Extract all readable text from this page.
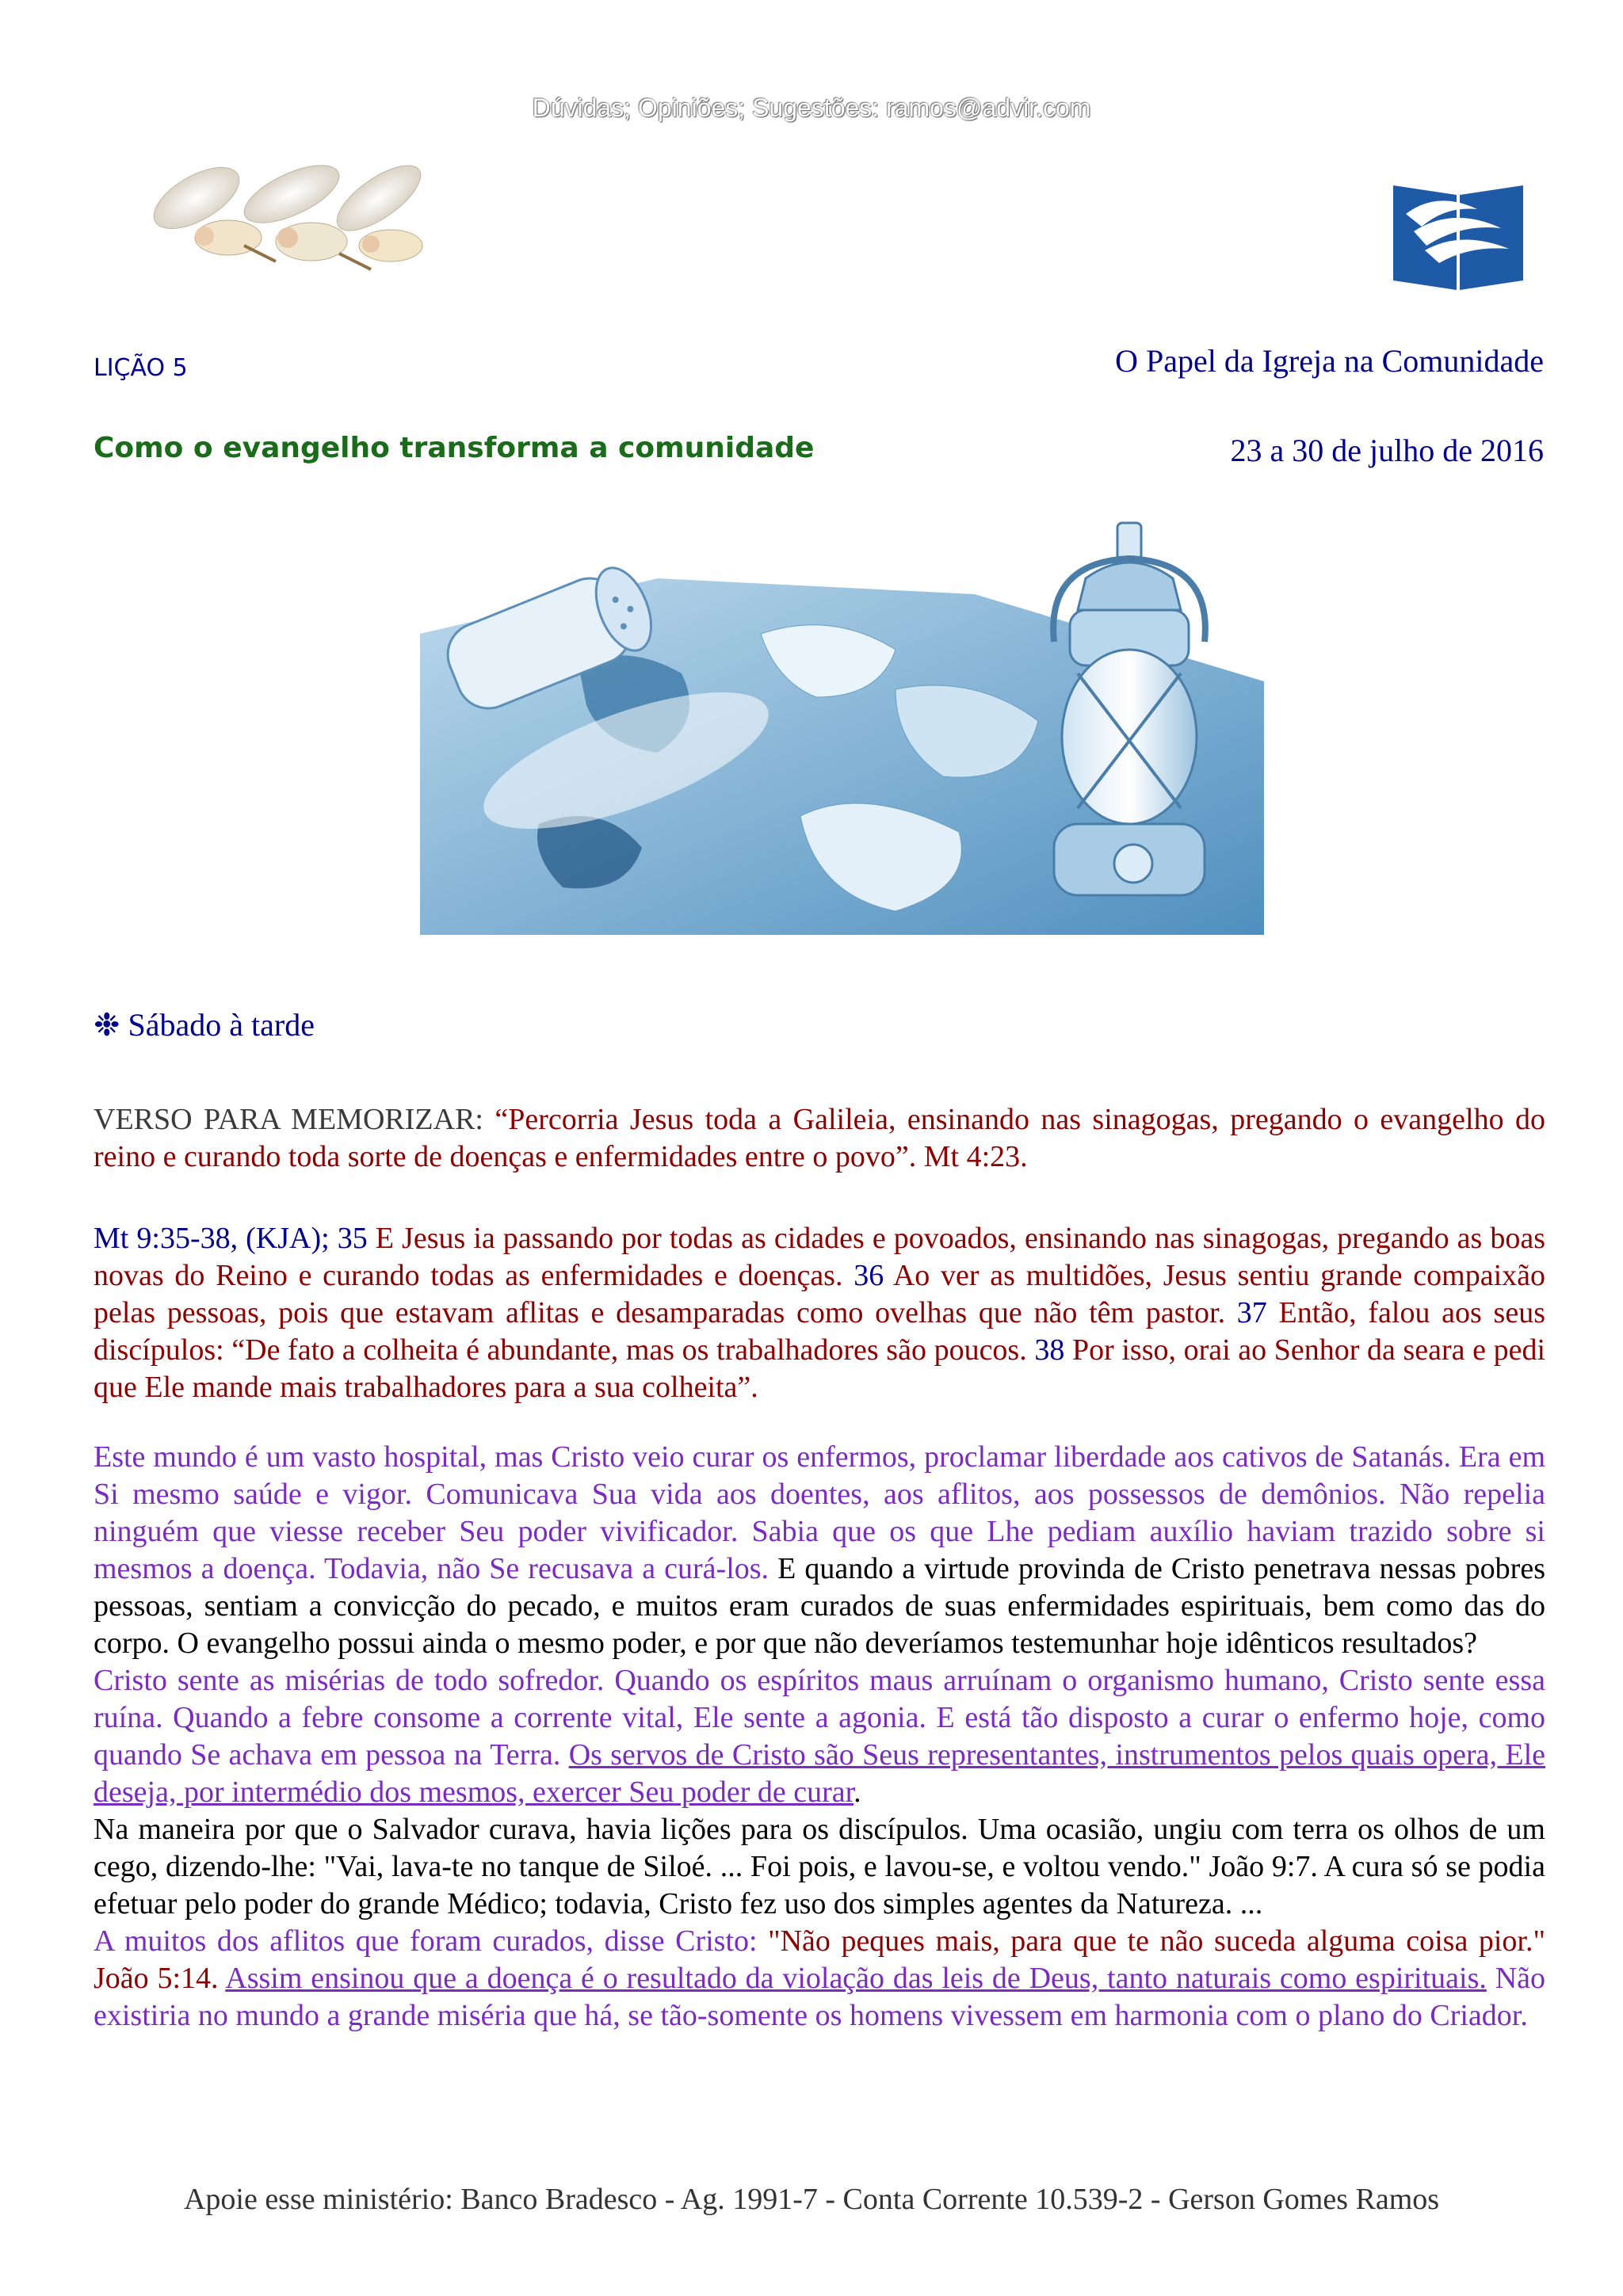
Dúvidas; Opiniões; Sugestões: ramos@advir.com
LIÇÃO 5	O Papel da Igreja na Comunidade
Como o evangelho transforma a comunidade	23 a 30 de julho de 2016
❉ Sábado à tarde

VERSO PARA MEMORIZAR: “Percorria Jesus toda a Galileia, ensinando nas sinagogas, pregando o evangelho do reino e curando toda sorte de doenças e enfermidades entre o povo”. Mt 4:23.

Mt 9:35-38, (KJA); 35 E Jesus ia passando por todas as cidades e povoados, ensinando nas sinagogas, pregando as boas novas do Reino e curando todas as enfermidades e doenças. 36 Ao ver as multidões, Jesus sentiu grande compaixão pelas pessoas, pois que estavam aflitas e desamparadas como ovelhas que não têm pastor. 37 Então, falou aos seus discípulos: “De fato a colheita é abundante, mas os trabalhadores são poucos. 38 Por isso, orai ao Senhor da seara e pedi que Ele mande mais trabalhadores para a sua colheita”.

Este mundo é um vasto hospital, mas Cristo veio curar os enfermos, proclamar liberdade aos cativos de Satanás. Era em Si mesmo saúde e vigor. Comunicava Sua vida aos doentes, aos aflitos, aos possessos de demônios. Não repelia ninguém que viesse receber Seu poder vivificador. Sabia que os que Lhe pediam auxílio haviam trazido sobre si mesmos a doença. Todavia, não Se recusava a curá-los. E quando a virtude provinda de Cristo penetrava nessas pobres pessoas, sentiam a convicção do pecado, e muitos eram curados de suas enfermidades espirituais, bem como das do corpo. O evangelho possui ainda o mesmo poder, e por que não deveríamos testemunhar hoje idênticos resultados?

Cristo sente as misérias de todo sofredor. Quando os espíritos maus arruínam o organismo humano, Cristo sente essa ruína. Quando a febre consome a corrente vital, Ele sente a agonia. E está tão disposto a curar o enfermo hoje, como quando Se achava em pessoa na Terra. Os servos de Cristo são Seus representantes, instrumentos pelos quais opera, Ele deseja, por intermédio dos mesmos, exercer Seu poder de curar.

Na maneira por que o Salvador curava, havia lições para os discípulos. Uma ocasião, ungiu com terra os olhos de um cego, dizendo-lhe: "Vai, lava-te no tanque de Siloé. ... Foi pois, e lavou-se, e voltou vendo." João 9:7. A cura só se podia efetuar pelo poder do grande Médico; todavia, Cristo fez uso dos simples agentes da Natureza. ...

A muitos dos aflitos que foram curados, disse Cristo: "Não peques mais, para que te não suceda alguma coisa pior." João 5:14. Assim ensinou que a doença é o resultado da violação das leis de Deus, tanto naturais como espirituais. Não existiria no mundo a grande miséria que há, se tão-somente os homens vivessem em harmonia com o plano do Criador.

Apoie esse ministério: Banco Bradesco - Ag. 1991-7 - Conta Corrente 10.539-2 - Gerson Gomes Ramos
